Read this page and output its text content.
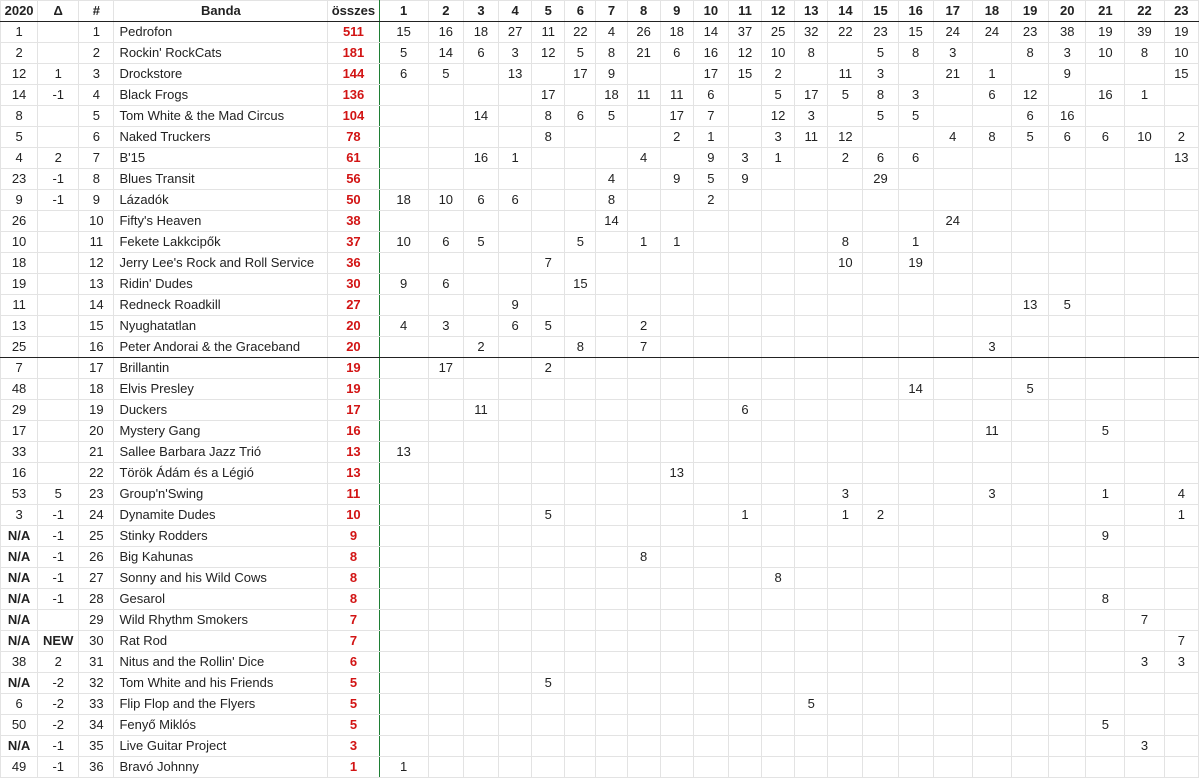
2020	Δ	#	Banda	összes	1	2	3	4	5	6	7	8	9	10	11	12	13	14	15	16	17	18	19	20	21	22	23
1		1	Pedrofon	511	15	16	18	27	11	22	4	26	18	14	37	25	32	22	23	15	24	24	23	38	19	39	19
2		2	Rockin' RockCats	181	5	14	6	3	12	5	8	21	6	16	12	10	8		5	8	3		8	3	10	8	10
12	1	3	Drockstore	144	6	5		13		17	9			17	15	2		11	3		21	1		9			15
14	-1	4	Black Frogs	136					17		18	11	11	6		5	17	5	8	3		6	12		16	1	
8		5	Tom White & the Mad Circus	104			14		8	6	5		17	7		12	3		5	5			6	16			
5		6	Naked Truckers	78					8				2	1		3	11	12			4	8	5	6	6	10	2
4	2	7	B'15	61			16	1				4		9	3	1		2	6	6							13
23	-1	8	Blues Transit	56							4		9	5	9				29								
9	-1	9	Lázadók	50	18	10	6	6			8			2													
26		10	Fifty's Heaven	38							14										24						
10		11	Fekete Lakkcipők	37	10	6	5			5		1	1					8		1							
18		12	Jerry Lee's Rock and Roll Service	36					7									10		19							
19		13	Ridin' Dudes	30	9	6				15																	
11		14	Redneck Roadkill	27				9															13	5			
13		15	Nyughatatlan	20	4	3		6	5			2															
25		16	Peter Andorai & the Graceband	20			2			8		7										3					
7		17	Brillantin	19		17			2																		
48		18	Elvis Presley	19																14			5				
29		19	Duckers	17			11								6												
17		20	Mystery Gang	16																		11			5		
33		21	Sallee Barbara Jazz Trió	13	13																						
16		22	Török Ádám és a Légió	13									13														
53	5	23	Group'n'Swing	11														3				3			1		4
3	-1	24	Dynamite Dudes	10					5						1			1	2								1
N/A	-1	25	Stinky Rodders	9																					9		
N/A	-1	26	Big Kahunas	8								8															
N/A	-1	27	Sonny and his Wild Cows	8												8											
N/A	-1	28	Gesarol	8																					8		
N/A		29	Wild Rhythm Smokers	7																						7	
N/A	NEW	30	Rat Rod	7																							7
38	2	31	Nitus and the Rollin' Dice	6																						3	3
N/A	-2	32	Tom White and his Friends	5					5																		
6	-2	33	Flip Flop and the Flyers	5													5										
50	-2	34	Fenyő Miklós	5																					5		
N/A	-1	35	Live Guitar Project	3																						3	
49	-1	36	Bravó Johnny	1	1																						
